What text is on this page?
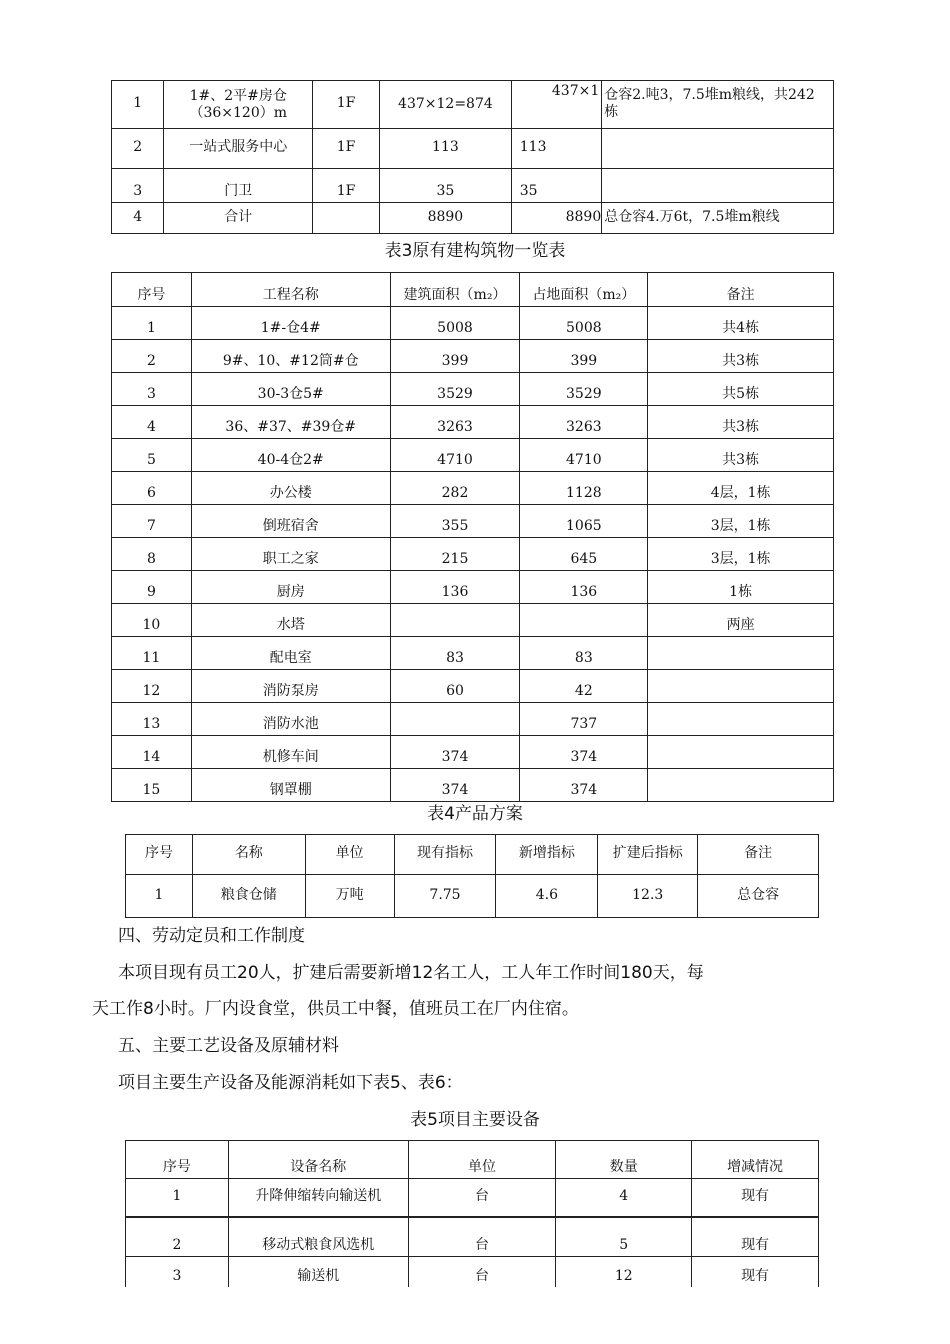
1	1#、2平#房仓（36×120）m	1F	437×12=874	437×1	仓容2.吨3，7.5堆m粮线，共242　　　　栋
2	一站式服务中心	1F	113	113	
3	门卫	1F	35	35	
4	合计		8890	8890	总仓容4.万6t，7.5堆m粮线
表3原有建构筑物一览表
序号	工程名称	建筑面积（m₂）	占地面积（m₂）	备注
1	1#-仓4#	5008	5008	共4栋
2	9#、10、#12筒#仓	399	399	共3栋
3	30-3仓5#	3529	3529	共5栋
4	36、#37、#39仓#	3263	3263	共3栋
5	40-4仓2#	4710	4710	共3栋
6	办公楼	282	1128	4层，1栋
7	倒班宿舍	355	1065	3层，1栋
8	职工之家	215	645	3层，1栋
9	厨房	136	136	1栋
10	水塔			两座
11	配电室	83	83	
12	消防泵房	60	42	
13	消防水池		737	
14	机修车间	374	374	
15	钢罩棚	374	374	
表4产品方案
序号	名称	单位	现有指标	新增指标	扩建后指标	备注
1	粮食仓储	万吨	7.75	4.6	12.3	总仓容
四、劳动定员和工作制度
本项目现有员工20人，扩建后需要新增12名工人，工人年工作时间180天，每
天工作8小时。厂内设食堂，供员工中餐，值班员工在厂内住宿。
五、主要工艺设备及原辅材料
项目主要生产设备及能源消耗如下表5、表6：
表5项目主要设备
序号	设备名称	单位	数量	增减情况
1	升降伸缩转向输送机	台	4	现有
2	移动式粮食风选机	台	5	现有
3	输送机	台	12	现有
